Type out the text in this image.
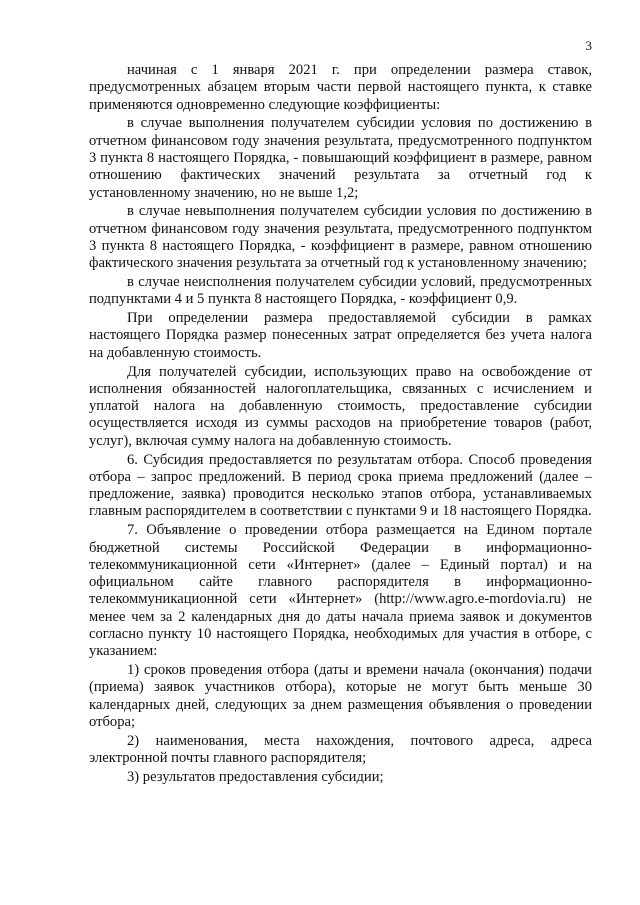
3

начиная с 1 января 2021 г. при определении размера ставок, предусмотренных абзацем вторым части первой настоящего пункта, к ставке применяются одновременно следующие коэффициенты:

в случае выполнения получателем субсидии условия по достижению в отчетном финансовом году значения результата, предусмотренного подпунктом 3 пункта 8 настоящего Порядка, - повышающий коэффициент в размере, равном отношению фактических значений результата за отчетный год к установленному значению, но не выше 1,2;

в случае невыполнения получателем субсидии условия по достижению в отчетном финансовом году значения результата, предусмотренного подпунктом 3 пункта 8 настоящего Порядка, - коэффициент в размере, равном отношению фактического значения результата за отчетный год к установленному значению;

в случае неисполнения получателем субсидии условий, предусмотренных подпунктами 4 и 5 пункта 8 настоящего Порядка, - коэффициент 0,9.

При определении размера предоставляемой субсидии в рамках настоящего Порядка размер понесенных затрат определяется без учета налога на добавленную стоимость.

Для получателей субсидии, использующих право на освобождение от исполнения обязанностей налогоплательщика, связанных с исчислением и уплатой налога на добавленную стоимость, предоставление субсидии осуществляется исходя из суммы расходов на приобретение товаров (работ, услуг), включая сумму налога на добавленную стоимость.

6. Субсидия предоставляется по результатам отбора. Способ проведения отбора – запрос предложений. В период срока приема предложений (далее – предложение, заявка) проводится несколько этапов отбора, устанавливаемых главным распорядителем в соответствии с пунктами 9 и 18 настоящего Порядка.

7. Объявление о проведении отбора размещается на Едином портале бюджетной системы Российской Федерации в информационно-телекоммуникационной сети «Интернет» (далее – Единый портал) и на официальном сайте главного распорядителя в информационно-телекоммуникационной сети «Интернет» (http://www.agro.e-mordovia.ru) не менее чем за 2 календарных дня до даты начала приема заявок и документов согласно пункту 10 настоящего Порядка, необходимых для участия в отборе, с указанием:

1) сроков проведения отбора (даты и времени начала (окончания) подачи (приема) заявок участников отбора), которые не могут быть меньше 30 календарных дней, следующих за днем размещения объявления о проведении отбора;

2) наименования, места нахождения, почтового адреса, адреса электронной почты главного распорядителя;

3) результатов предоставления субсидии;
